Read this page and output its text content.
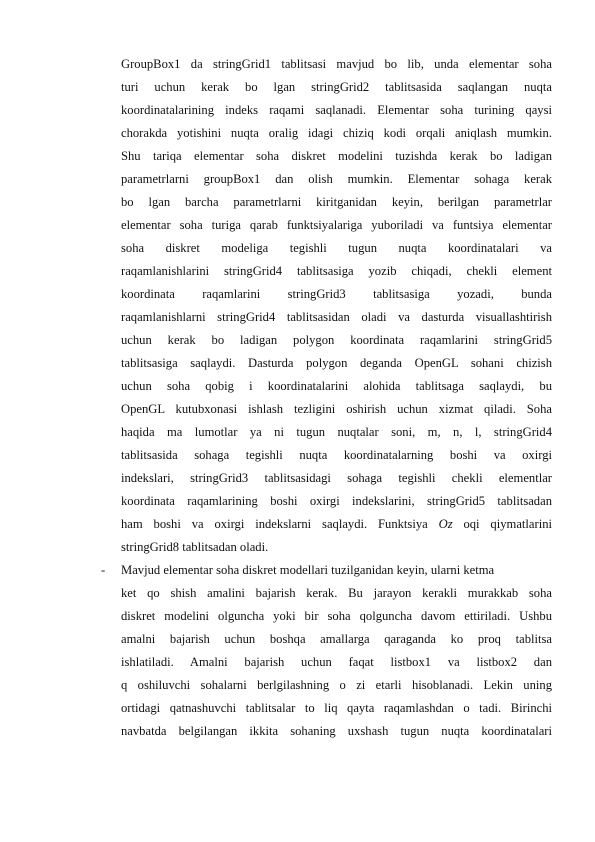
GroupBox1 da stringGrid1 tablitsasi mavjud bo lib, unda elementar soha
turi uchun kerak bo lgan stringGrid2 tablitsasida saqlangan nuqta
koordinatalarining indeks raqami saqlanadi. Elementar soha turining qaysi
chorakda yotishini nuqta oralig idagi chiziq kodi orqali aniqlash mumkin.
Shu tariqa elementar soha diskret modelini tuzishda kerak bo ladigan
parametrlarni groupBox1 dan olish mumkin. Elementar sohaga kerak
bo lgan barcha parametrlarni kiritganidan keyin, berilgan parametrlar
elementar soha turiga qarab funktsiyalariga yuboriladi va funtsiya elementar
soha diskret modeliga tegishli tugun nuqta koordinatalari va
raqamlanishlarini stringGrid4 tablitsasiga yozib chiqadi, chekli element
koordinata raqamlarini stringGrid3 tablitsasiga yozadi, bunda
raqamlanishlarni stringGrid4 tablitsasidan oladi va dasturda visuallashtirish
uchun kerak bo ladigan polygon koordinata raqamlarini stringGrid5
tablitsasiga saqlaydi. Dasturda polygon deganda OpenGL sohani chizish
uchun soha qobig i koordinatalarini alohida tablitsaga saqlaydi, bu
OpenGL kutubxonasi ishlash tezligini oshirish uchun xizmat qiladi. Soha
haqida ma lumotlar ya ni tugun nuqtalar soni, m, n, l, stringGrid4
tablitsasida sohaga tegishli nuqta koordinatalarning boshi va oxirgi
indekslari, stringGrid3 tablitsasidagi sohaga tegishli chekli elementlar
koordinata raqamlarining boshi oxirgi indekslarini, stringGrid5 tablitsadan
ham boshi va oxirgi indekslarni saqlaydi. Funktsiya Oz oqi qiymatlarini
stringGrid8 tablitsadan oladi.
- Mavjud elementar soha diskret modellari tuzilganidan keyin, ularni ketma
ket qo shish amalini bajarish kerak. Bu jarayon kerakli murakkab soha
diskret modelini olguncha yoki bir soha qolguncha davom ettiriladi. Ushbu
amalni bajarish uchun boshqa amallarga qaraganda ko proq tablitsa
ishlatiladi. Amalni bajarish uchun faqat listbox1 va listbox2 dan
q oshiluvchi sohalarni berlgilashning o zi etarli hisoblanadi. Lekin uning
ortidagi qatnashuvchi tablitsalar to liq qayta raqamlashdan o tadi. Birinchi
navbatda belgilangan ikkita sohaning uxshash tugun nuqta koordinatalari
